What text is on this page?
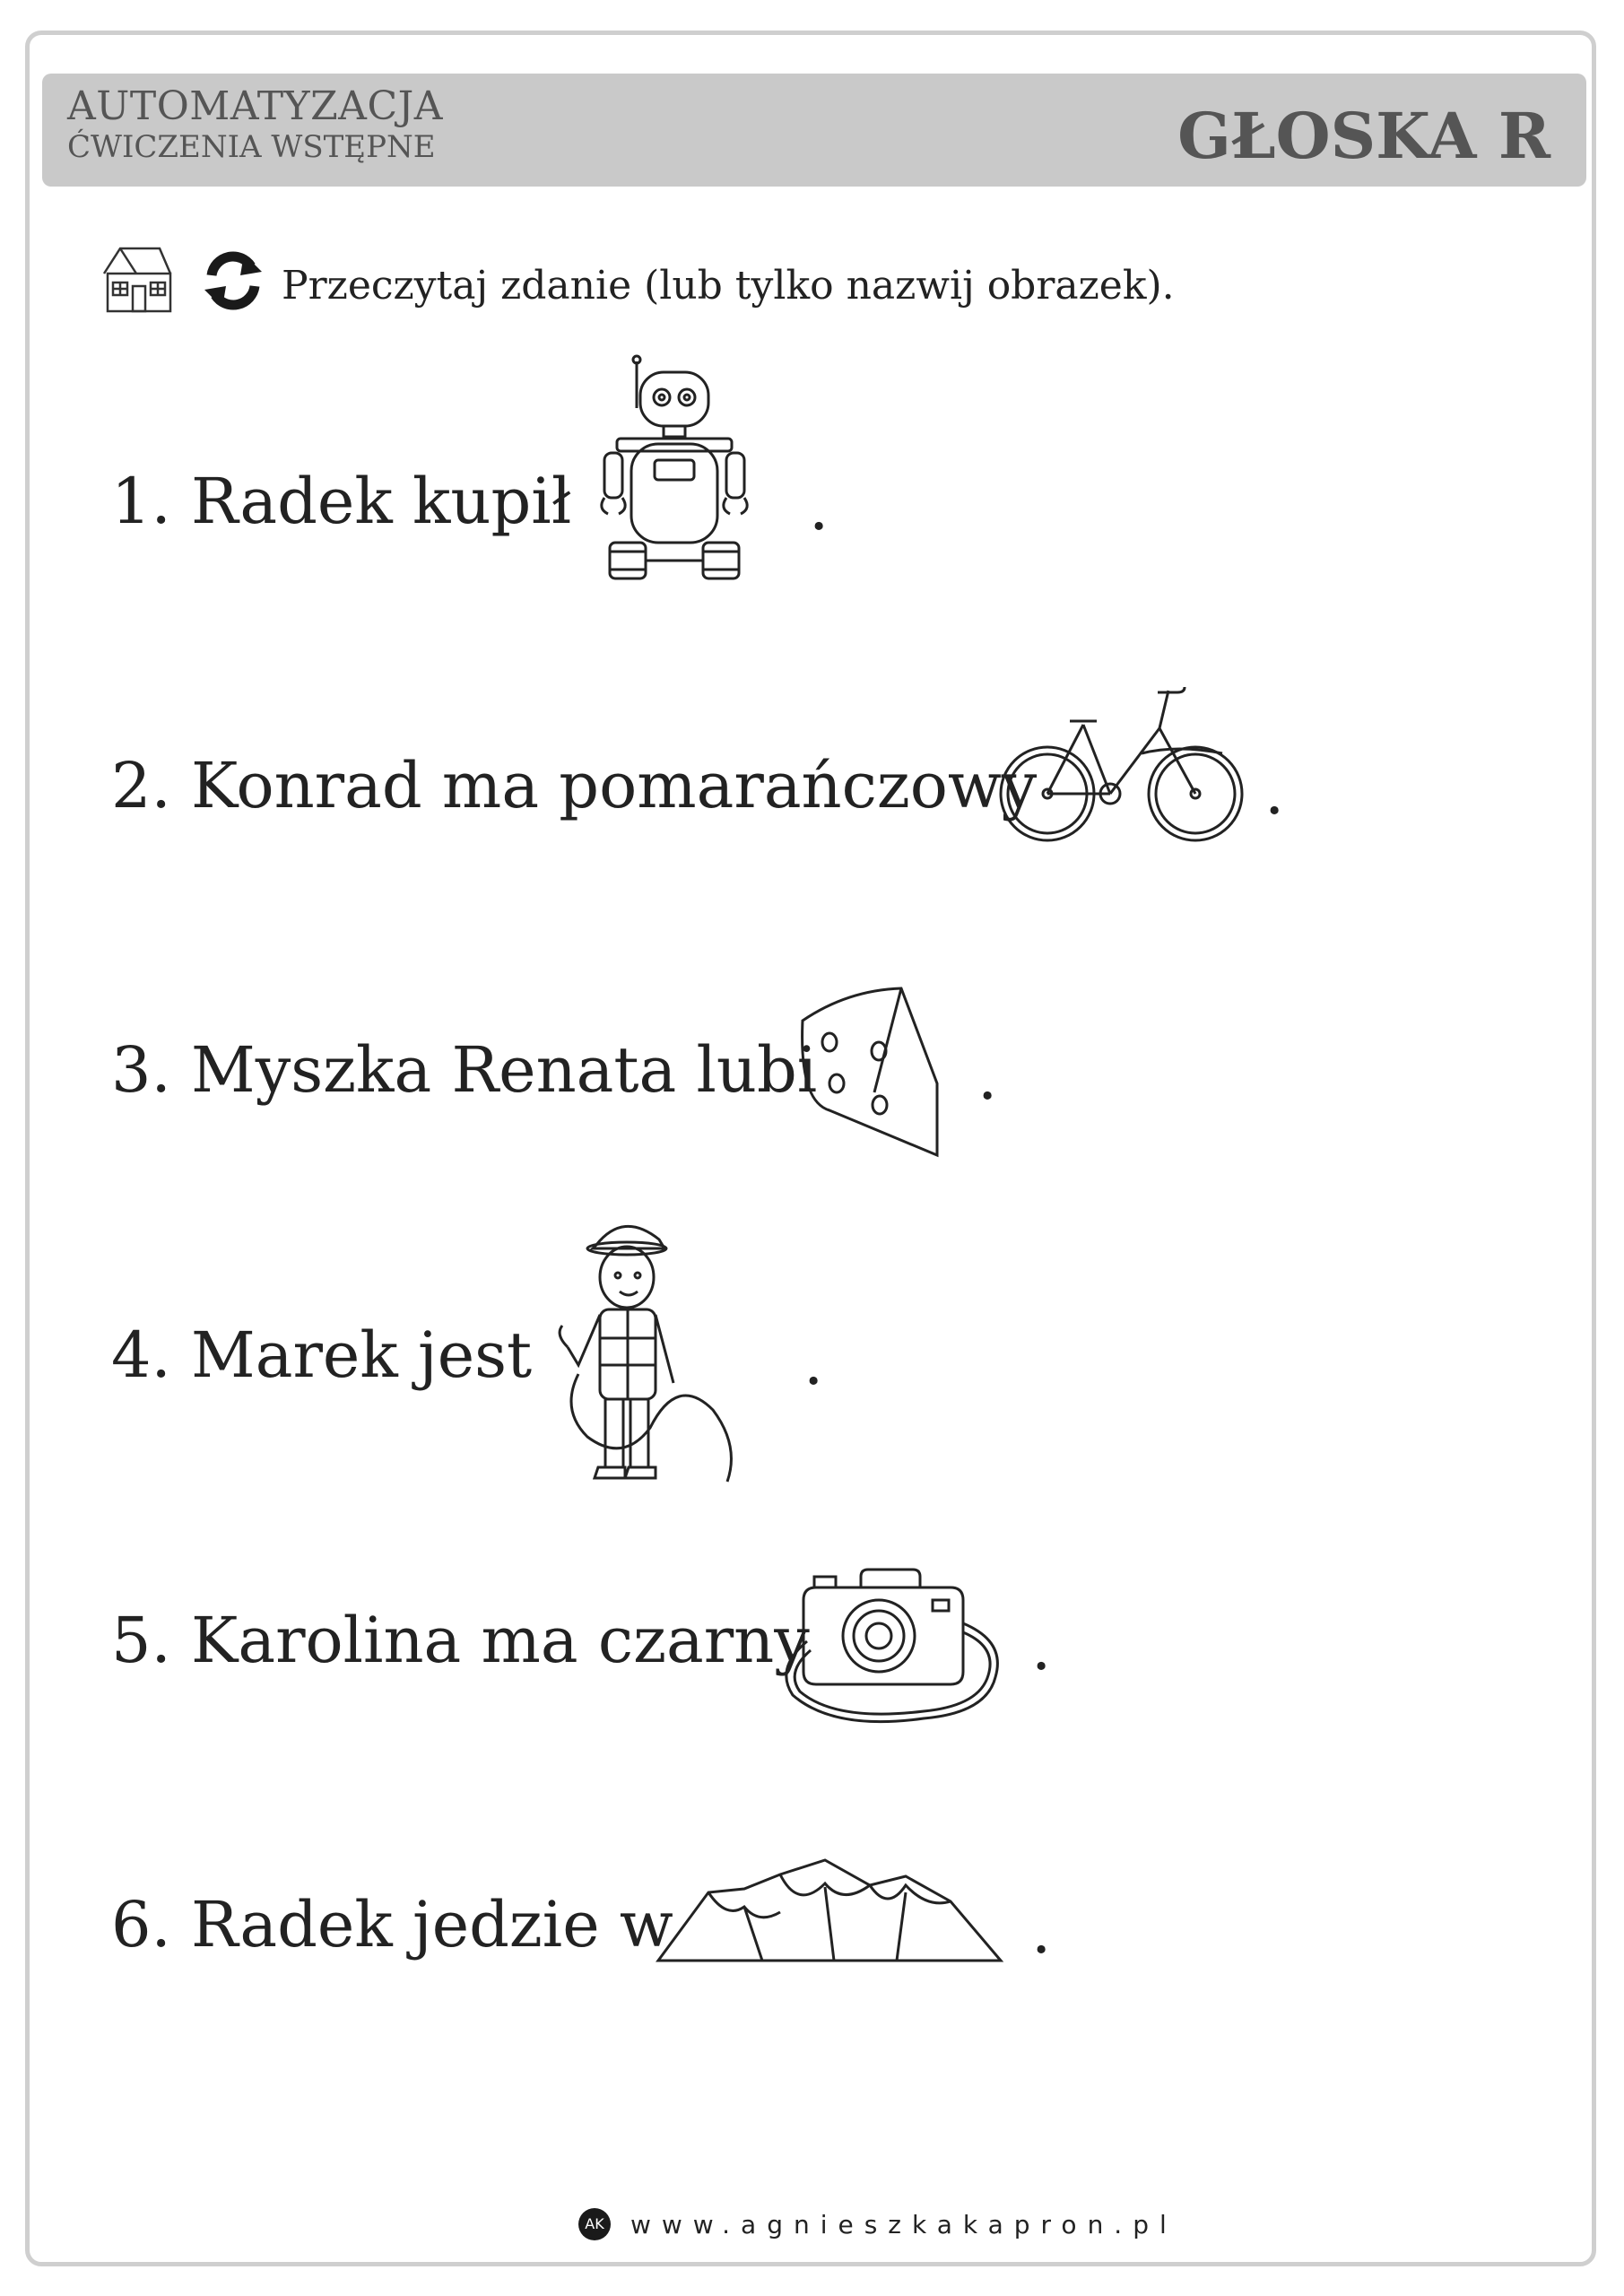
AUTOMATYZACJA
ĆWICZENIA WSTĘPNE	GŁOSKA R
Przeczytaj zdanie (lub tylko nazwij obrazek).
1. Radek kupił	.
2. Konrad ma pomarańczowy	.
3. Myszka Renata lubi	.
4. Marek jest	.
5. Karolina ma czarny	.
6. Radek jedzie w	.
AK www.agnieszkakapron.pl
